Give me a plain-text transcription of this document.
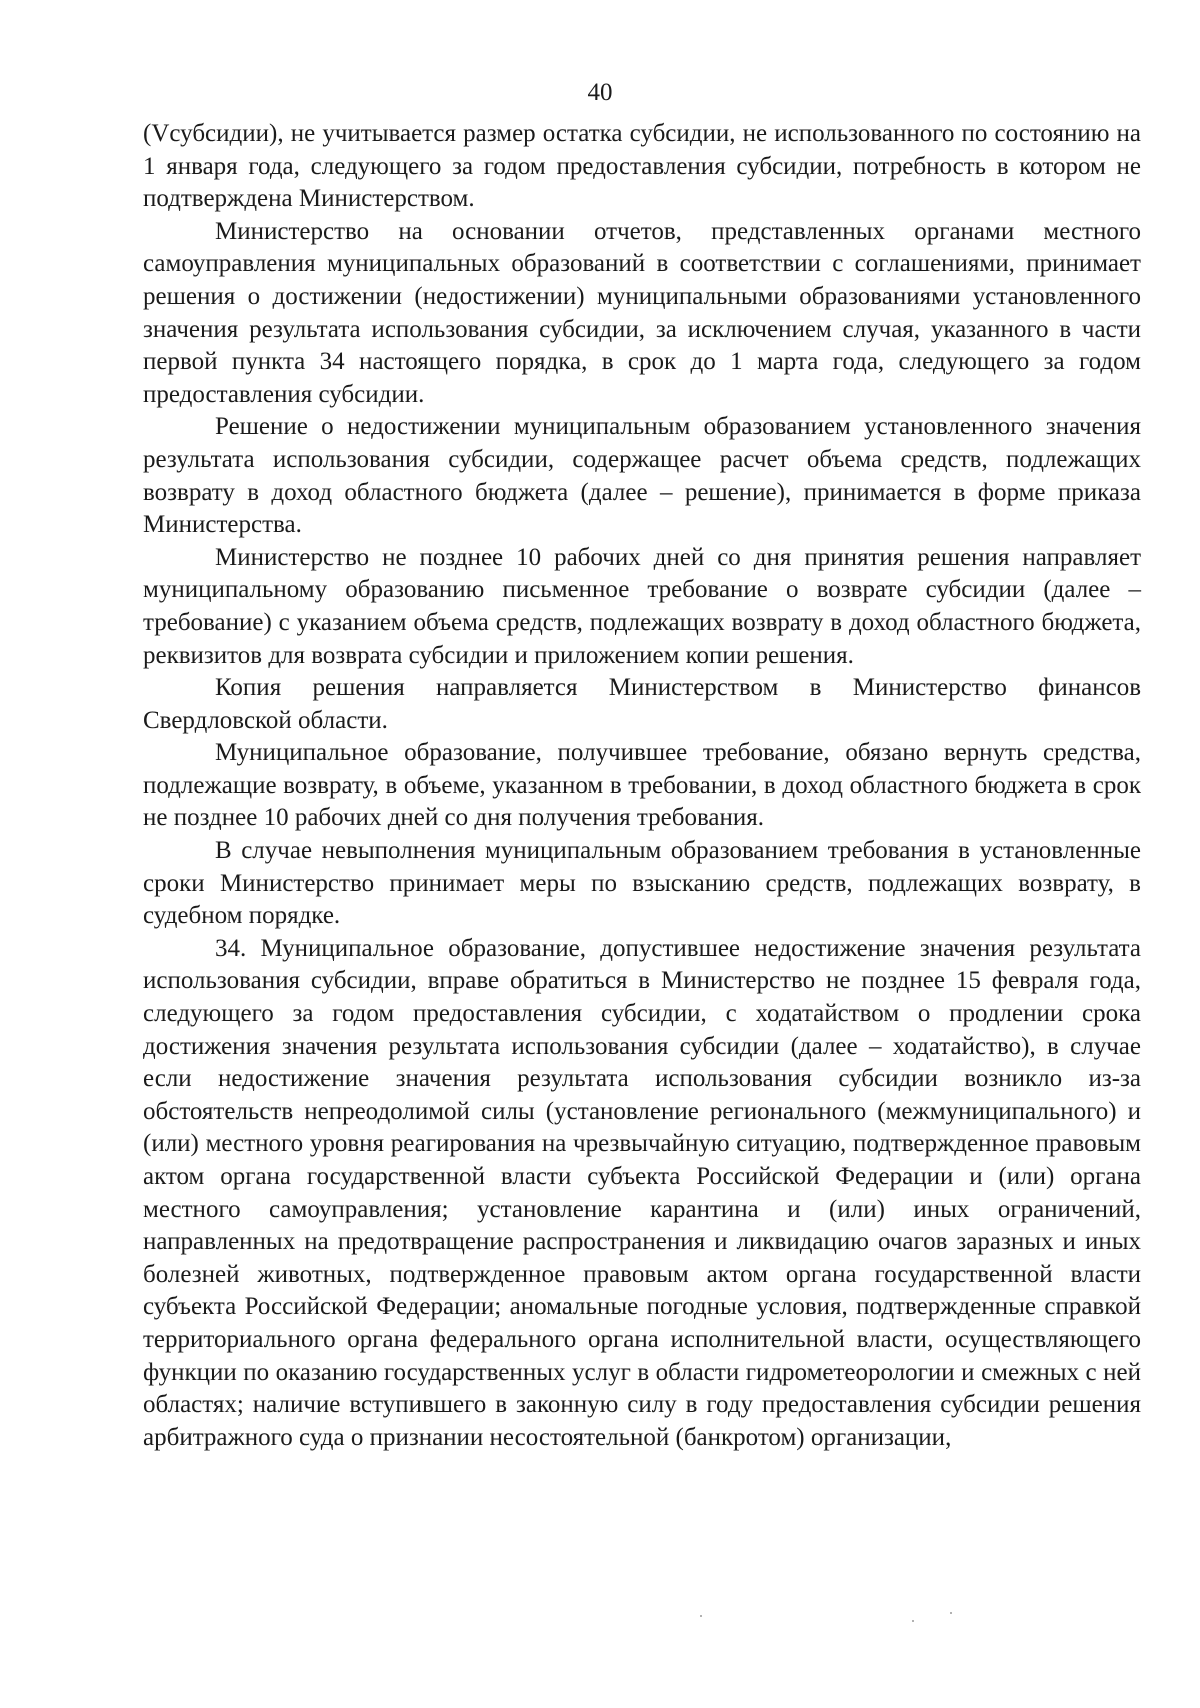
40

(Vсубсидии), не учитывается размер остатка субсидии, не использованного по состоянию на 1 января года, следующего за годом предоставления субсидии, потребность в котором не подтверждена Министерством.

Министерство на основании отчетов, представленных органами местного самоуправления муниципальных образований в соответствии с соглашениями, принимает решения о достижении (недостижении) муниципальными образованиями установленного значения результата использования субсидии, за исключением случая, указанного в части первой пункта 34 настоящего порядка, в срок до 1 марта года, следующего за годом предоставления субсидии.

Решение о недостижении муниципальным образованием установленного значения результата использования субсидии, содержащее расчет объема средств, подлежащих возврату в доход областного бюджета (далее – решение), принимается в форме приказа Министерства.

Министерство не позднее 10 рабочих дней со дня принятия решения направляет муниципальному образованию письменное требование о возврате субсидии (далее – требование) с указанием объема средств, подлежащих возврату в доход областного бюджета, реквизитов для возврата субсидии и приложением копии решения.

Копия решения направляется Министерством в Министерство финансов Свердловской области.

Муниципальное образование, получившее требование, обязано вернуть средства, подлежащие возврату, в объеме, указанном в требовании, в доход областного бюджета в срок не позднее 10 рабочих дней со дня получения требования.

В случае невыполнения муниципальным образованием требования в установленные сроки Министерство принимает меры по взысканию средств, подлежащих возврату, в судебном порядке.

34. Муниципальное образование, допустившее недостижение значения результата использования субсидии, вправе обратиться в Министерство не позднее 15 февраля года, следующего за годом предоставления субсидии, с ходатайством о продлении срока достижения значения результата использования субсидии (далее – ходатайство), в случае если недостижение значения результата использования субсидии возникло из-за обстоятельств непреодолимой силы (установление регионального (межмуниципального) и (или) местного уровня реагирования на чрезвычайную ситуацию, подтвержденное правовым актом органа государственной власти субъекта Российской Федерации и (или) органа местного самоуправления; установление карантина и (или) иных ограничений, направленных на предотвращение распространения и ликвидацию очагов заразных и иных болезней животных, подтвержденное правовым актом органа государственной власти субъекта Российской Федерации; аномальные погодные условия, подтвержденные справкой территориального органа федерального органа исполнительной власти, осуществляющего функции по оказанию государственных услуг в области гидрометеорологии и смежных с ней областях; наличие вступившего в законную силу в году предоставления субсидии решения арбитражного суда о признании несостоятельной (банкротом) организации,
